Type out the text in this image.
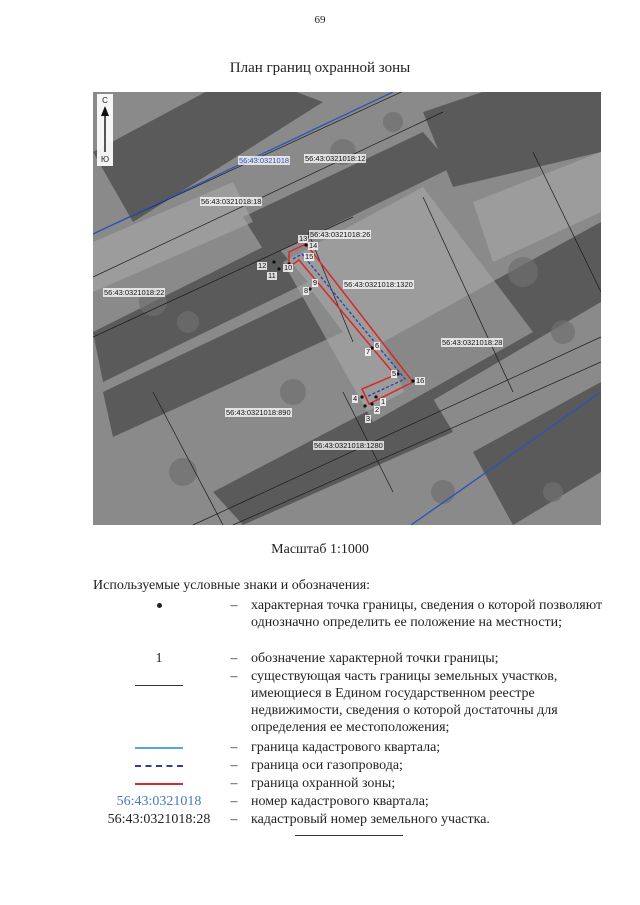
69
План границ охранной зоны
С
Ю	56:43:0321018 56:43:0321018:12
56:43:0321018:18
56:43:0321018:26
56:43:0321018:22
56:43:0321018:1320
56:43:0321018:28
56:43:0321018:890
56:43:0321018:1280
1
2
3
4
5
6
7
8
9
10
11
12
13
14
15
16
Масштаб 1:1000
Используемые условные знаки и обозначения:
– характерная точка границы, сведения о которой позволяют однозначно определить ее положение на местности;
1	– обозначение характерной точки границы;
– существующая часть границы земельных участков, имеющиеся в Едином государственном реестре недвижимости, сведения о которой достаточны для определения ее местоположения;
– граница кадастрового квартала;
– граница оси газопровода;
– граница охранной зоны;
56:43:0321018	– номер кадастрового квартала;
56:43:0321018:28	– кадастровый номер земельного участка.
